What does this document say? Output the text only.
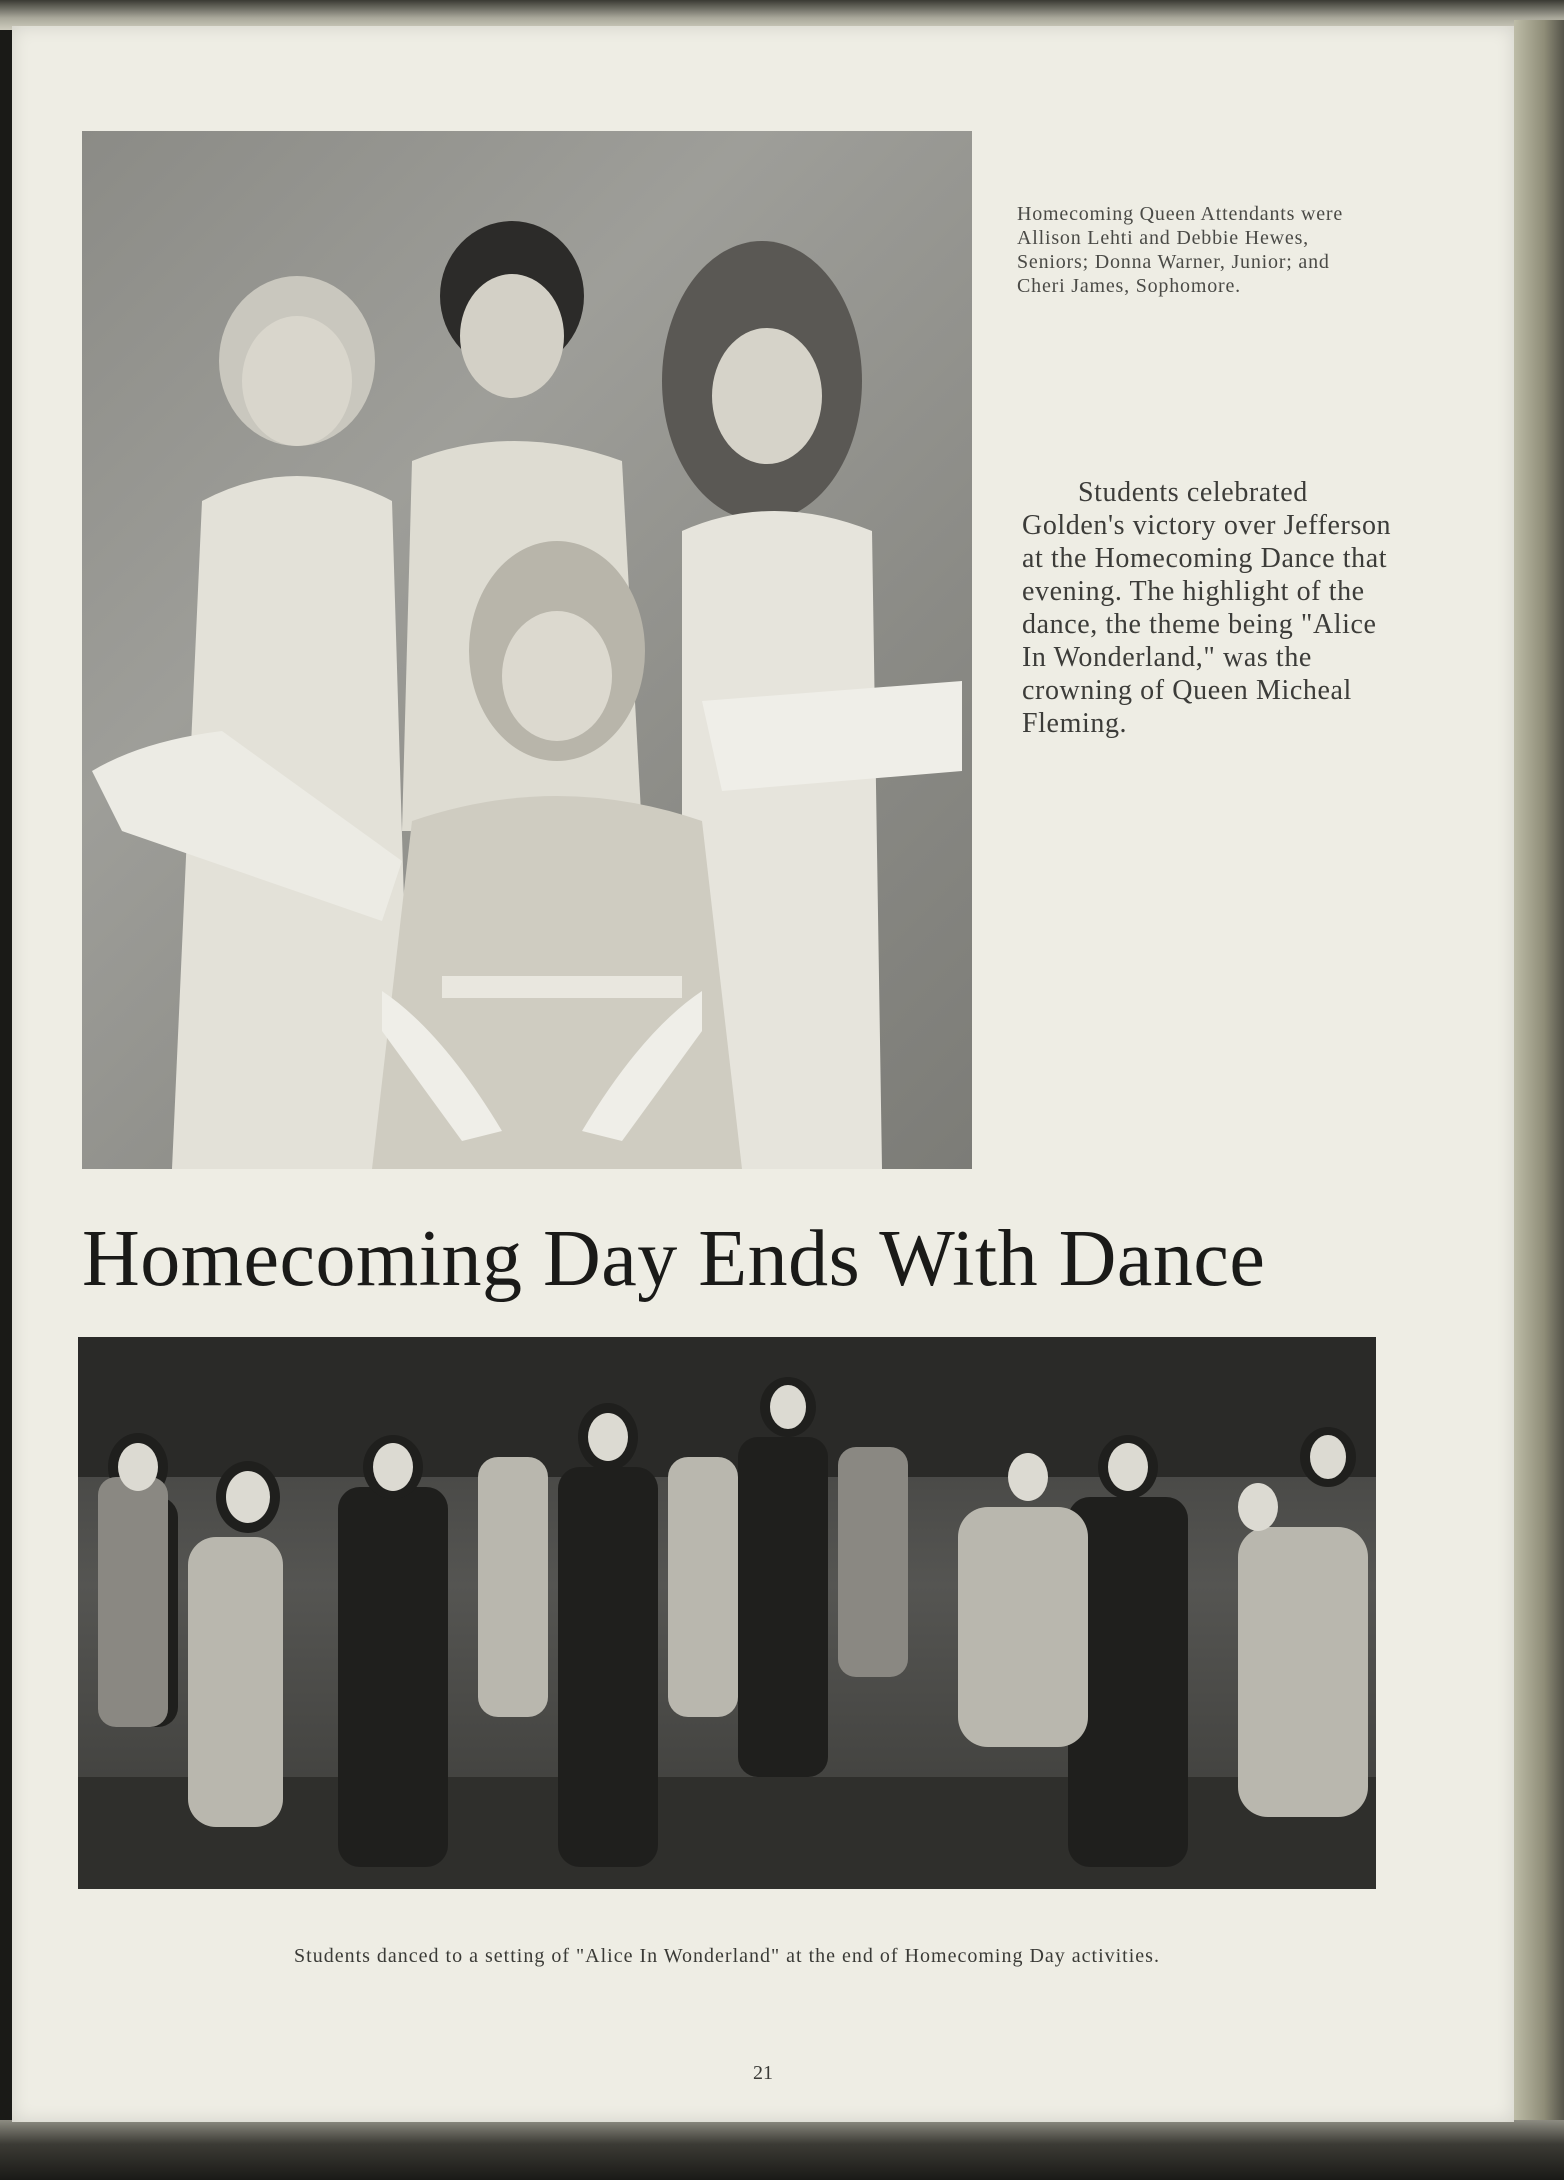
Homecoming Queen Attendants were Allison Lehti and Debbie Hewes, Seniors; Donna Warner, Junior; and Cheri James, Sophomore.
Students celebrated Golden's victory over Jefferson at the Homecoming Dance that evening. The highlight of the dance, the theme being "Alice In Wonderland," was the crowning of Queen Micheal Fleming.
Homecoming Day Ends With Dance
Students danced to a setting of "Alice In Wonderland" at the end of Homecoming Day activities.
21
